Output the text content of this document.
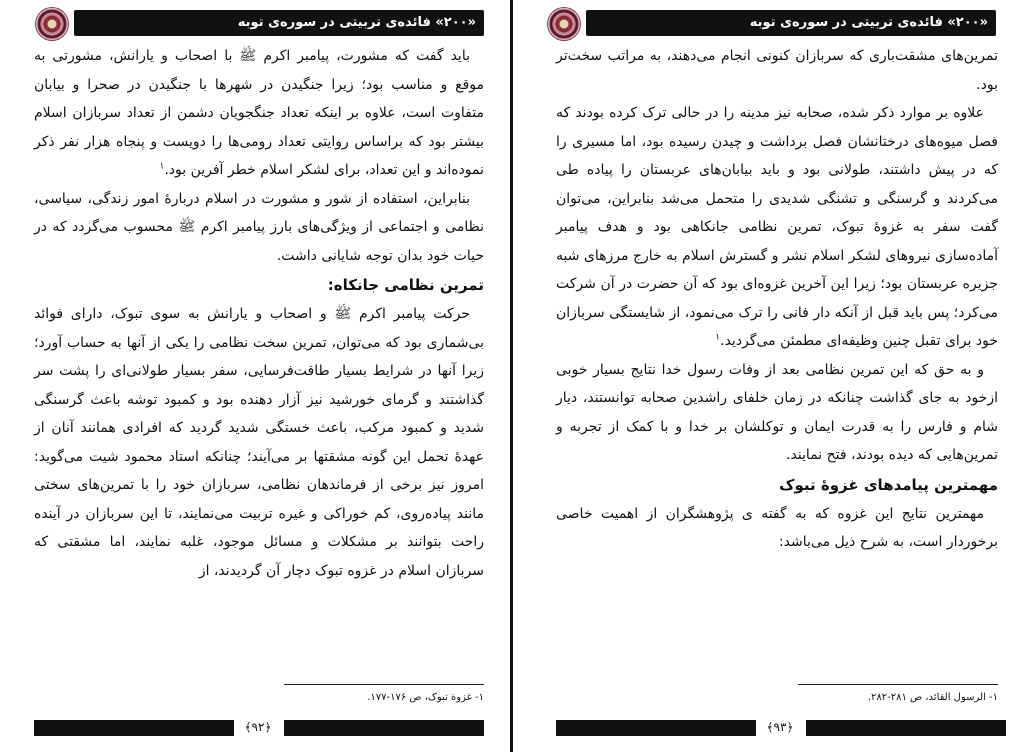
«۲۰۰» فائده‌ی تربیتی در سوره‌ی توبه

باید گفت که مشورت، پیامبر اکرم ﷺ با اصحاب و یارانش، مشورتی به موقع و مناسب بود؛ زیرا جنگیدن در شهرها با جنگیدن در صحرا و بیابان متفاوت است، علاوه بر اینکه تعداد جنگجویان دشمن از تعداد سربازان اسلام بیشتر بود که براساس روایتی تعداد رومی‌ها را دویست و پنجاه هزار نفر ذکر نموده‌اند و این تعداد، برای لشکر اسلام خطر آفرین بود.$^۱$

بنابراین، استفاده از شور و مشورت در اسلام دربارهٔ امور زندگی، سیاسی، نظامی و اجتماعی از ویژگی‌های بارز پیامبر اکرم ﷺ محسوب می‌گردد که در حیات خود بدان توجه شایانی داشت.

تمرین نظامی جانکاه:

حرکت پیامبر اکرم ﷺ و اصحاب و یارانش به سوی تبوک، دارای فوائد بی‌شماری بود که می‌توان، تمرین سخت نظامی را یکی از آنها به حساب آورد؛ زیرا آنها در شرایط بسیار طاقت‌فرسایی، سفر بسیار طولانی‌ای را پشت سر گذاشتند و گرمای خورشید نیز آزار دهنده بود و کمبود توشه باعث گرسنگی شدید و کمبود مرکب، باعث خستگی شدید گردید که افرادی همانند آنان از عهدهٔ تحمل این گونه مشقتها بر می‌آیند؛ چنانکه استاد محمود شیت می‌گوید: امروز نیز برخی از فرماندهان نظامی، سربازان خود را با تمرین‌های سختی مانند پیاده‌روی، کم خوراکی و غیره تربیت می‌نمایند، تا این سربازان در آینده راحت بتوانند بر مشکلات و مسائل موجود، غلبه نمایند، اما مشقتی که سربازان اسلام در غزوه تبوک دچار آن گردیدند، از

۱- غزوة تبوک، ص ۱۷۶-۱۷۷.
﴿۹۲﴾
«۲۰۰» فائده‌ی تربیتی در سوره‌ی توبه

تمرین‌های مشقت‌باری که سربازان کنونی انجام می‌دهند، به مراتب سخت‌تر بود.

علاوه بر موارد ذکر شده، صحابه نیز مدینه را در حالی ترک کرده بودند که فصل میوه‌های درختانشان فصل برداشت و چیدن رسیده بود، اما مسیری را که در پیش داشتند، طولانی بود و باید بیابان‌های عربستان را پیاده طی می‌کردند و گرسنگی و تشنگی شدیدی را متحمل می‌شد بنابراین، می‌توان گفت سفر به غزوهٔ تبوک، تمرین نظامی جانکاهی بود و هدف پیامبر آماده‌سازی نیروهای لشکر اسلام نشر و گسترش اسلام به خارج مرزهای شبه جزیره عربستان بود؛ زیرا این آخرین غزوه‌ای بود که آن حضرت در آن شرکت می‌کرد؛ پس باید قبل از آنکه دار فانی را ترک می‌نمود، از شایستگی سربازان خود برای تقبل چنین وظیفه‌ای مطمئن می‌گردید.$^۱$

و به حق که این تمرین نظامی بعد از وفات رسول خدا نتایج بسیار خوبی ازخود به جای گذاشت چنانکه در زمان خلفای راشدین صحابه توانستند، دیار شام و فارس را به قدرت ایمان و توکلشان بر خدا و با کمک از تجربه و تمرین‌هایی که دیده بودند، فتح نمایند.

مهمترین پیامدهای غزوهٔ تبوک

مهمترین نتایج این غزوه که به گفته ی پژوهشگران از اهمیت خاصی برخوردار است، به شرح ذیل می‌باشد:

۱- الرسول القائد، ص ۲۸۱-۲۸۲.
﴿۹۳﴾
